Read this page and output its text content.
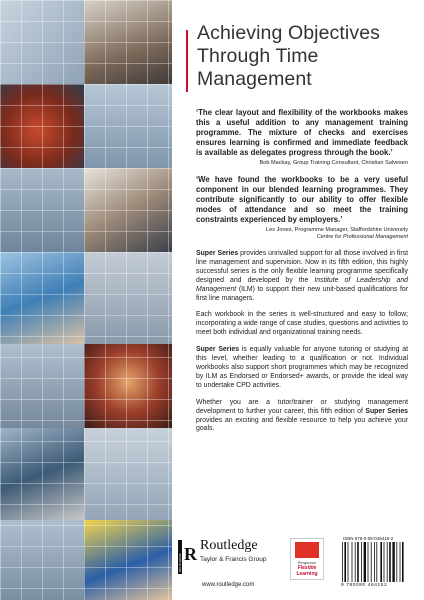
Achieving Objectives Through Time Management

‘The clear layout and flexibility of the workbooks makes this a useful addition to any management training programme. The mixture of checks and exercises ensures learning is confirmed and immediate feedback is available as delegates progress through the book.’

Bob Mackay, Group Training Consultant, Christian Salvesen

‘We have found the workbooks to be a very useful component in our blended learning programmes. They contribute significantly to our ability to offer flexible modes of attendance and so meet the training constraints experienced by employers.’

Les Jones, Programme Manager, Staffordshire University

Centre for Professional Management

Super Series provides unrivalled support for all those involved in first line management and supervision. Now in its fifth edition, this highly successful series is the only flexible learning programme specifically designed and developed by the Institute of Leadership and Management (ILM) to support their new unit-based qualifications for first line managers.

Each workbook in the series is well-structured and easy to follow; incorporating a wide range of case studies, questions and activities to meet both individual and organizational training needs.

Super Series is equally valuable for anyone tutoring or studying at this level, whether leading to a qualification or not. Individual workbooks also support short programmes which may be recognized by ILM as Endorsed or Endorsed+ awards, or provide the ideal way to undertake CPD activities.

Whether you are a tutor/trainer or studying management development to further your career, this fifth edition of Super Series provides an exciting and flexible resource to help you achieve your goals.

R
ROUTLEDGE
Routledge
Taylor & Francis Group
www.routledge.com
Pergamon
Flexible
Learning
ISBN 978-0-08-046415-2
9 780080 464152
